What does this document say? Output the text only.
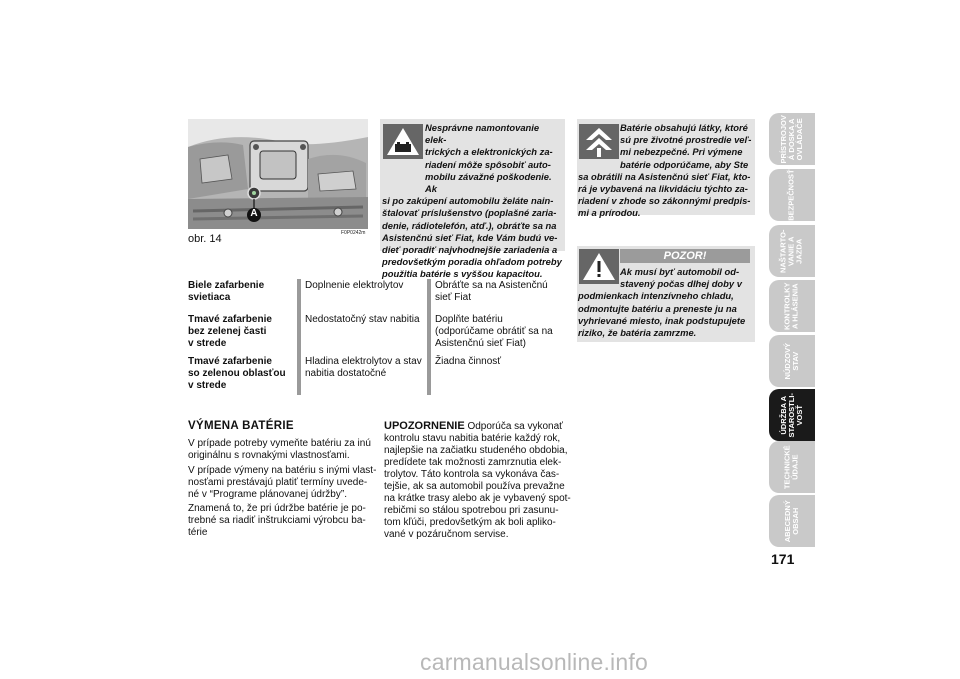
A
F0P0242m
obr. 14
Nesprávne namontovanie elek-
trických a elektronických za-
riadení môže spôsobiť auto-
mobilu závažné poškodenie. Ak
si po zakúpení automobilu želáte nain-
štalovať príslušenstvo (poplašné zaria-
denie, rádiotelefón, atď.), obráťte sa na
Asistenčnú sieť Fiat, kde Vám budú ve-
dieť poradiť najvhodnejšie zariadenia a
predovšetkým poradia ohľadom potreby
použitia batérie s vyššou kapacitou.
Batérie obsahujú látky, ktoré
sú pre životné prostredie veľ-
mi nebezpečné. Pri výmene
batérie odporúčame, aby Ste
sa obrátili na Asistenčnú sieť Fiat, kto-
rá je vybavená na likvidáciu týchto za-
riadení v zhode so zákonnými predpis-
mi a prírodou.
POZOR!
Ak musí byť automobil od-
stavený počas dlhej doby v
podmienkach intenzívneho chladu,
odmontujte batériu a preneste ju na
vyhrievané miesto, inak podstupujete
riziko, že batéria zamrzme.
Biele zafarbenie
svietiaca
Doplnenie elektrolytov	Obráťte sa na Asistenčnú
sieť Fiat
Tmavé zafarbenie
bez zelenej časti
v strede
Nedostatočný stav nabitia Doplňte batériu
(odporúčame obrátiť sa na
Asistenčnú sieť Fiat)
Tmavé zafarbenie
so zelenou oblasťou
v strede
Hladina elektrolytov a stav
nabitia dostatočné
Žiadna činnosť
VÝMENA BATÉRIE
V prípade potreby vymeňte batériu za inú
originálnu s rovnakými vlastnosťami.
V prípade výmeny na batériu s inými vlast-
nosťami prestávajú platiť termíny uvede-
né v “Programe plánovanej údržby”.
Znamená to, že pri údržbe batérie je po-
trebné sa riadiť inštrukciami výrobcu ba-
térie
UPOZORNENIE Odporúča sa vykonať
kontrolu stavu nabitia batérie každý rok,
najlepšie na začiatku studeného obdobia,
predídete tak možnosti zamrznutia elek-
trolytov. Táto kontrola sa vykonáva čas-
tejšie, ak sa automobil používa prevažne
na krátke trasy alebo ak je vybavený spot-
rebičmi so stálou spotrebou pri zasunu-
tom kľúči, predovšetkým ak boli apliko-
vané v pozáručnom servise.
PRÍSTROJOV
Á DOSKA A
OVLÁDAČE
BEZPEČNOSŤ
NAŠTARTO-
VANIE A
JAZDA
KONTROLKY
A HLÁSENIA
NÚDZOVÝ
STAV
ÚDRŽBA A
STAROSTLI-
VOSŤ
TECHNICKÉ
ÚDAJE
ABECEDNÝ
OBSAH
171
carmanualsonline.info
